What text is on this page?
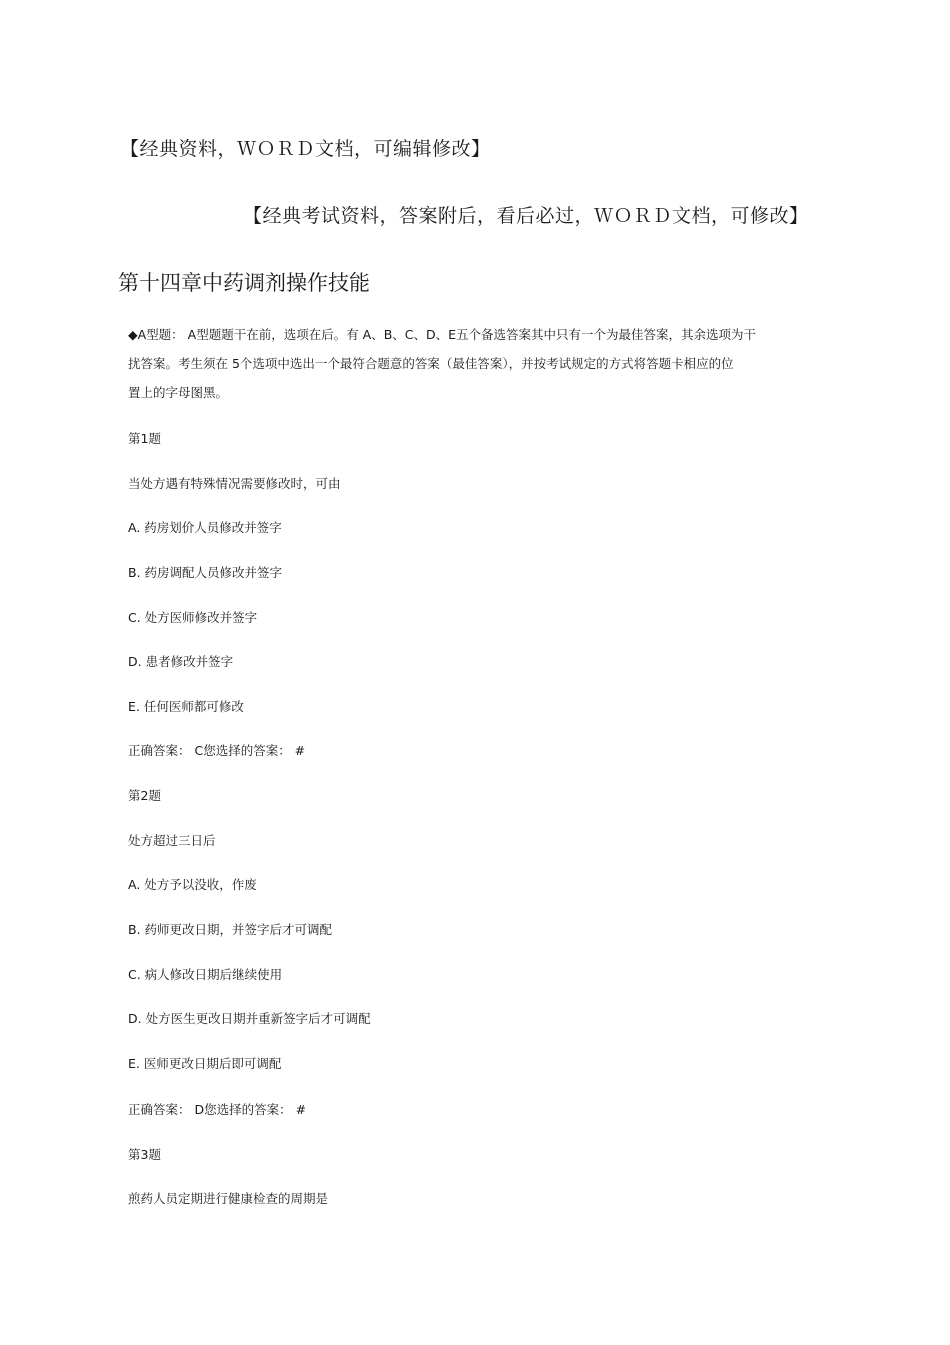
【经典资料，ＷＯＲＤ文档，可编辑修改】
【经典考试资料，答案附后，看后必过，ＷＯＲＤ文档，可修改】
第十四章中药调剂操作技能
◆A型题： A型题题干在前，选项在后。有 A、B、C、D、E五个备选答案其中只有一个为最佳答案，其余选项为干
扰答案。考生须在 5个选项中选出一个最符合题意的答案（最佳答案），并按考试规定的方式将答题卡相应的位
置上的字母图黑。
第1题
当处方遇有特殊情况需要修改时，可由
A. 药房划价人员修改并签字
B. 药房调配人员修改并签字
C. 处方医师修改并签字
D. 患者修改并签字
E. 任何医师都可修改
正确答案： C您选择的答案： #
第2题
处方超过三日后
A. 处方予以没收，作废
B. 药师更改日期，并签字后才可调配
C. 病人修改日期后继续使用
D. 处方医生更改日期并重新签字后才可调配
E. 医师更改日期后即可调配
正确答案： D您选择的答案： #
第3题
煎药人员定期进行健康检查的周期是
